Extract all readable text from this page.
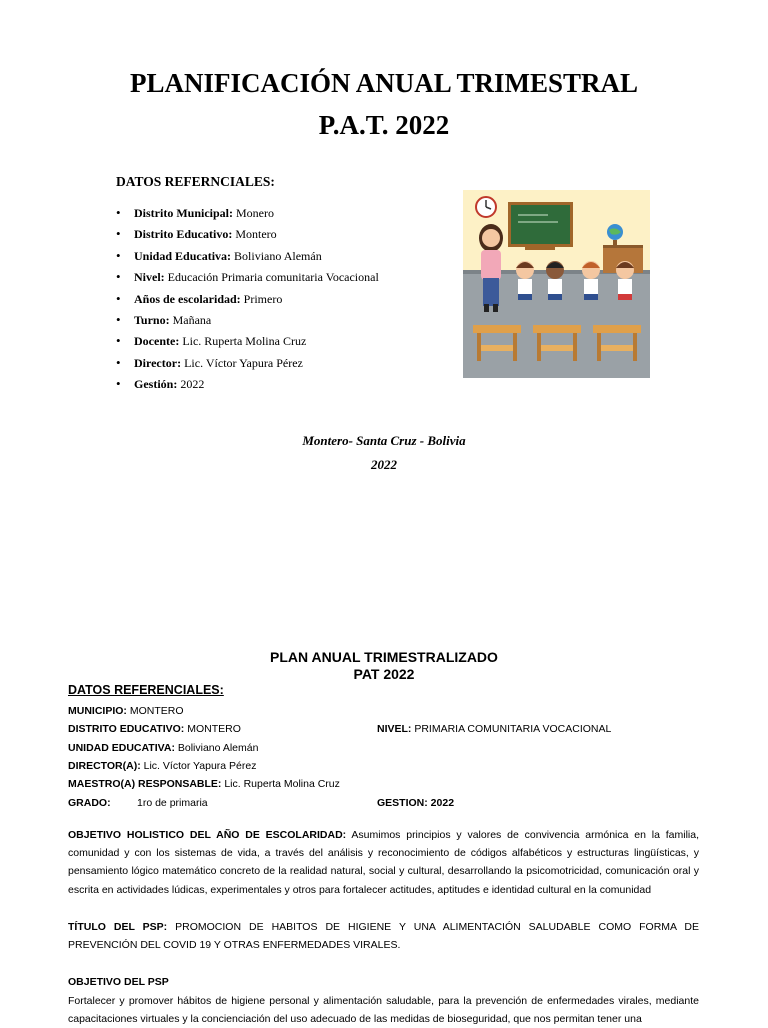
PLANIFICACIÓN ANUAL TRIMESTRAL
P.A.T. 2022
DATOS REFERNCIALES:
• Distrito Municipal: Monero
• Distrito Educativo: Montero
• Unidad Educativa: Boliviano Alemán
• Nivel: Educación Primaria comunitaria Vocacional
• Años de escolaridad: Primero
• Turno: Mañana
• Docente: Lic. Ruperta Molina Cruz
• Director: Lic. Víctor Yapura Pérez
• Gestión: 2022
Montero- Santa Cruz - Bolivia
2022
PLAN ANUAL TRIMESTRALIZADO
PAT 2022
DATOS REFERENCIALES:
MUNICIPIO: MONTERO
DISTRITO EDUCATIVO: MONTERO	NIVEL: PRIMARIA COMUNITARIA VOCACIONAL
UNIDAD EDUCATIVA: Boliviano Alemán
DIRECTOR(A): Lic. Víctor Yapura Pérez
MAESTRO(A) RESPONSABLE: Lic. Ruperta Molina Cruz
GRADO:	1ro de primaria	GESTION: 2022
OBJETIVO HOLISTICO DEL AÑO DE ESCOLARIDAD: Asumimos principios y valores de convivencia armónica en la familia, comunidad y con los sistemas de vida, a través del análisis y reconocimiento de códigos alfabéticos y estructuras lingüísticas, y pensamiento lógico matemático concreto de la realidad natural, social y cultural, desarrollando la psicomotricidad, comunicación oral y escrita en actividades lúdicas, experimentales y otros para fortalecer actitudes, aptitudes e identidad cultural en la comunidad
TÍTULO DEL PSP: PROMOCION DE HABITOS DE HIGIENE Y UNA ALIMENTACIÓN SALUDABLE COMO FORMA DE PREVENCIÓN DEL COVID 19 Y OTRAS ENFERMEDADES VIRALES.
OBJETIVO DEL PSP
Fortalecer y promover hábitos de higiene personal y alimentación saludable, para la prevención de enfermedades virales, mediante capacitaciones virtuales y la concienciación del uso adecuado de las medidas de bioseguridad, que nos permitan tener una
